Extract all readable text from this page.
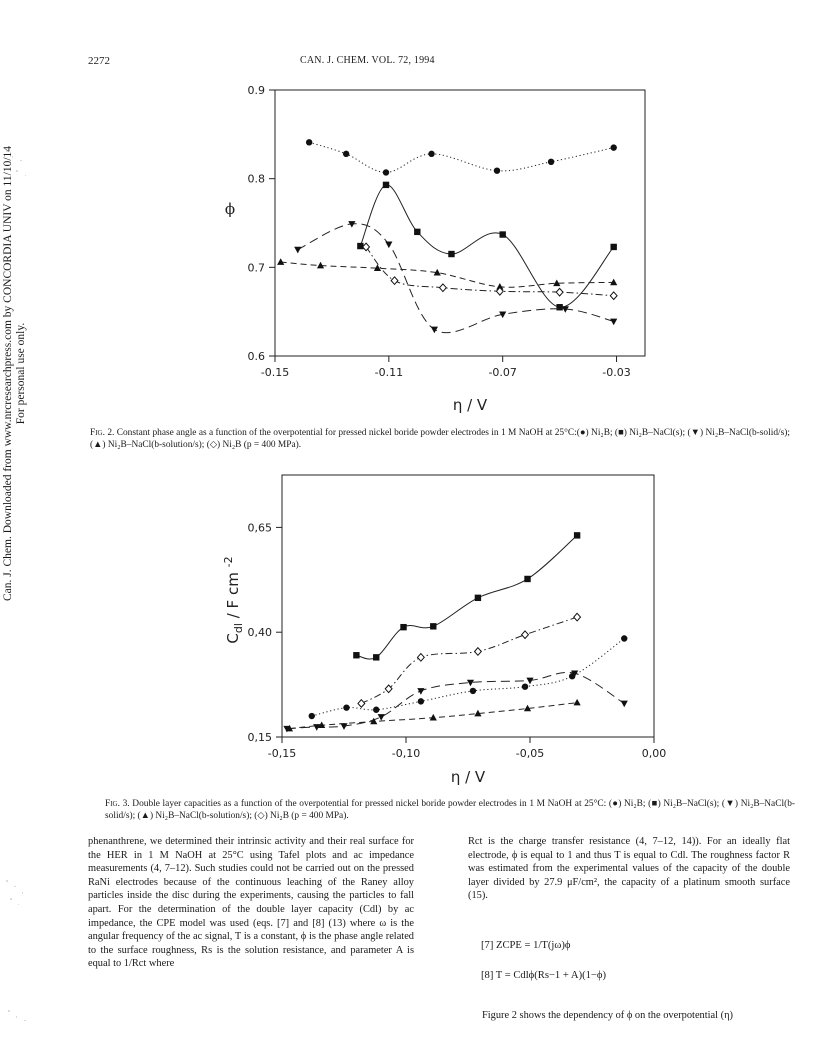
2272	CAN. J. CHEM. VOL. 72, 1994
Can. J. Chem. Downloaded from www.nrcresearchpress.com by CONCORDIA UNIV on 11/10/14 For personal use only.	-0.15	-0.11	-0.07	-0.03
0.6
0.7
0.8
0.9
ϕ
η / V
Fig. 2. Constant phase angle as a function of the overpotential for pressed nickel boride powder electrodes in 1 M NaOH at 25°C:(●) Ni₂B; (■) Ni₂B–NaCl(s); (▼) Ni₂B–NaCl(b-solid/s); (▲) Ni₂B–NaCl(b-solution/s); (◇) Ni₂B (p = 400 MPa).
-0,15	-0,10	-0,05	0,00
0,15
0,40
0,65
$C_{dl}$ / F cm $^{-2}$
η / V
Fig. 3. Double layer capacities as a function of the overpotential for pressed nickel boride powder electrodes in 1 M NaOH at 25°C: (●) Ni₂B; (■) Ni₂B–NaCl(s); (▼) Ni₂B–NaCl(b-solid/s); (▲) Ni₂B–NaCl(b-solution/s); (◇) Ni₂B (p = 400 MPa).
phenanthrene, we determined their intrinsic activity and their real surface for the HER in 1 M NaOH at 25°C using Tafel plots and ac impedance measurements (4, 7–12). Such studies could not be carried out on the pressed RaNi electrodes because of the continuous leaching of the Raney alloy particles inside the disc during the experiments, causing the particles to fall apart. For the determination of the double layer capacity (Cdl) by ac impedance, the CPE model was used (eqs. [7] and [8] (13) where ω is the angular frequency of the ac signal, T is a constant, ϕ is the phase angle related to the surface roughness, Rs is the solution resistance, and parameter A is equal to 1/Rct where
Rct is the charge transfer resistance (4, 7–12, 14)). For an ideally flat electrode, ϕ is equal to 1 and thus T is equal to Cdl. The roughness factor R was estimated from the experimental values of the capacity of the double layer divided by 27.9 μF/cm², the capacity of a platinum smooth surface (15).
[7] ZCPE = 1/T(jω)ϕ
[8] T = Cdlϕ(Rs−1 + A)(1−ϕ)
Figure 2 shows the dependency of ϕ on the overpotential (η)
